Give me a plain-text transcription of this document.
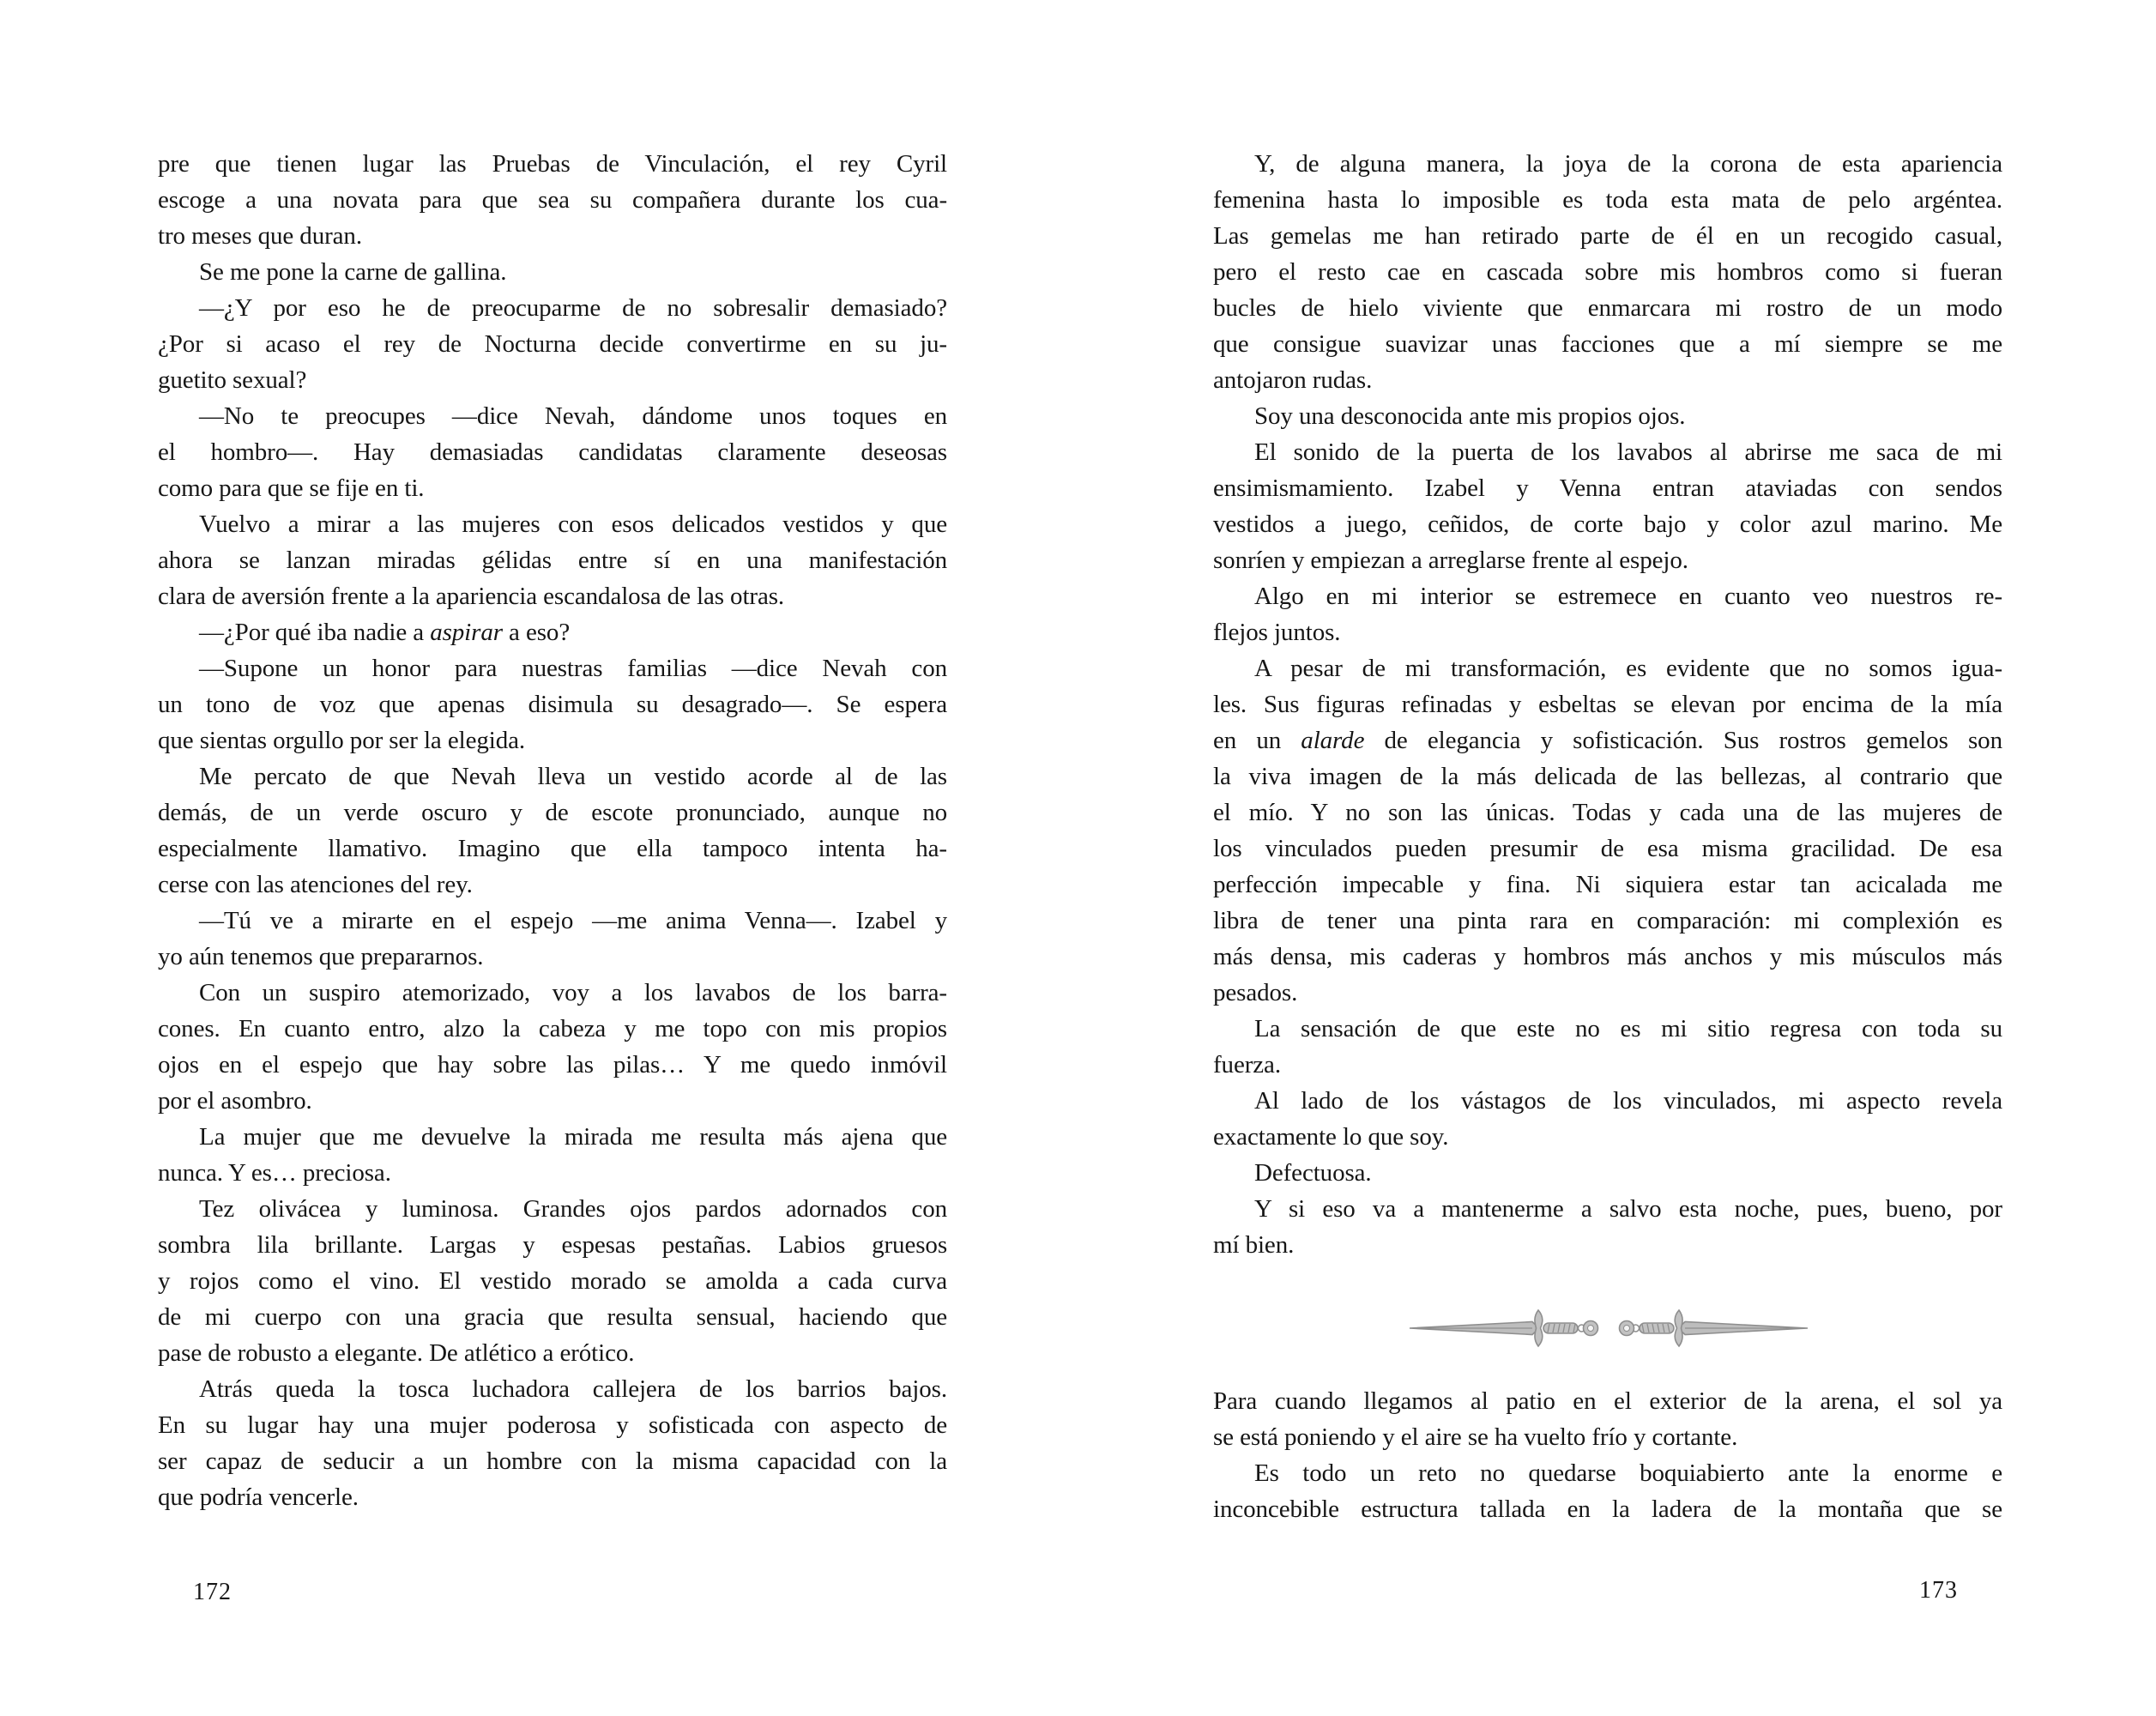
pre que tienen lugar las Pruebas de Vinculación, el rey Cyril
escoge a una novata para que sea su compañera durante los cua-
tro meses que duran.
Se me pone la carne de gallina.
—¿Y por eso he de preocuparme de no sobresalir demasiado?
¿Por si acaso el rey de Nocturna decide convertirme en su ju-
guetito sexual?
—No te preocupes —dice Nevah, dándome unos toques en
el hombro—. Hay demasiadas candidatas claramente deseosas
como para que se fije en ti.
Vuelvo a mirar a las mujeres con esos delicados vestidos y que
ahora se lanzan miradas gélidas entre sí en una manifestación
clara de aversión frente a la apariencia escandalosa de las otras.
—¿Por qué iba nadie a aspirar a eso?
—Supone un honor para nuestras familias —dice Nevah con
un tono de voz que apenas disimula su desagrado—. Se espera
que sientas orgullo por ser la elegida.
Me percato de que Nevah lleva un vestido acorde al de las
demás, de un verde oscuro y de escote pronunciado, aunque no
especialmente llamativo. Imagino que ella tampoco intenta ha-
cerse con las atenciones del rey.
—Tú ve a mirarte en el espejo —me anima Venna—. Izabel y
yo aún tenemos que prepararnos.
Con un suspiro atemorizado, voy a los lavabos de los barra-
cones. En cuanto entro, alzo la cabeza y me topo con mis propios
ojos en el espejo que hay sobre las pilas… Y me quedo inmóvil
por el asombro.
La mujer que me devuelve la mirada me resulta más ajena que
nunca. Y es… preciosa.
Tez olivácea y luminosa. Grandes ojos pardos adornados con
sombra lila brillante. Largas y espesas pestañas. Labios gruesos
y rojos como el vino. El vestido morado se amolda a cada curva
de mi cuerpo con una gracia que resulta sensual, haciendo que
pase de robusto a elegante. De atlético a erótico.
Atrás queda la tosca luchadora callejera de los barrios bajos.
En su lugar hay una mujer poderosa y sofisticada con aspecto de
ser capaz de seducir a un hombre con la misma capacidad con la
que podría vencerle.
Y, de alguna manera, la joya de la corona de esta apariencia
femenina hasta lo imposible es toda esta mata de pelo argéntea.
Las gemelas me han retirado parte de él en un recogido casual,
pero el resto cae en cascada sobre mis hombros como si fueran
bucles de hielo viviente que enmarcara mi rostro de un modo
que consigue suavizar unas facciones que a mí siempre se me
antojaron rudas.
Soy una desconocida ante mis propios ojos.
El sonido de la puerta de los lavabos al abrirse me saca de mi
ensimismamiento. Izabel y Venna entran ataviadas con sendos
vestidos a juego, ceñidos, de corte bajo y color azul marino. Me
sonríen y empiezan a arreglarse frente al espejo.
Algo en mi interior se estremece en cuanto veo nuestros re-
flejos juntos.
A pesar de mi transformación, es evidente que no somos igua-
les. Sus figuras refinadas y esbeltas se elevan por encima de la mía
en un alarde de elegancia y sofisticación. Sus rostros gemelos son
la viva imagen de la más delicada de las bellezas, al contrario que
el mío. Y no son las únicas. Todas y cada una de las mujeres de
los vinculados pueden presumir de esa misma gracilidad. De esa
perfección impecable y fina. Ni siquiera estar tan acicalada me
libra de tener una pinta rara en comparación: mi complexión es
más densa, mis caderas y hombros más anchos y mis músculos más
pesados.
La sensación de que este no es mi sitio regresa con toda su
fuerza.
Al lado de los vástagos de los vinculados, mi aspecto revela
exactamente lo que soy.
Defectuosa.
Y si eso va a mantenerme a salvo esta noche, pues, bueno, por
mí bien.
Para cuando llegamos al patio en el exterior de la arena, el sol ya
se está poniendo y el aire se ha vuelto frío y cortante.
Es todo un reto no quedarse boquiabierto ante la enorme e
inconcebible estructura tallada en la ladera de la montaña que se
172	173
